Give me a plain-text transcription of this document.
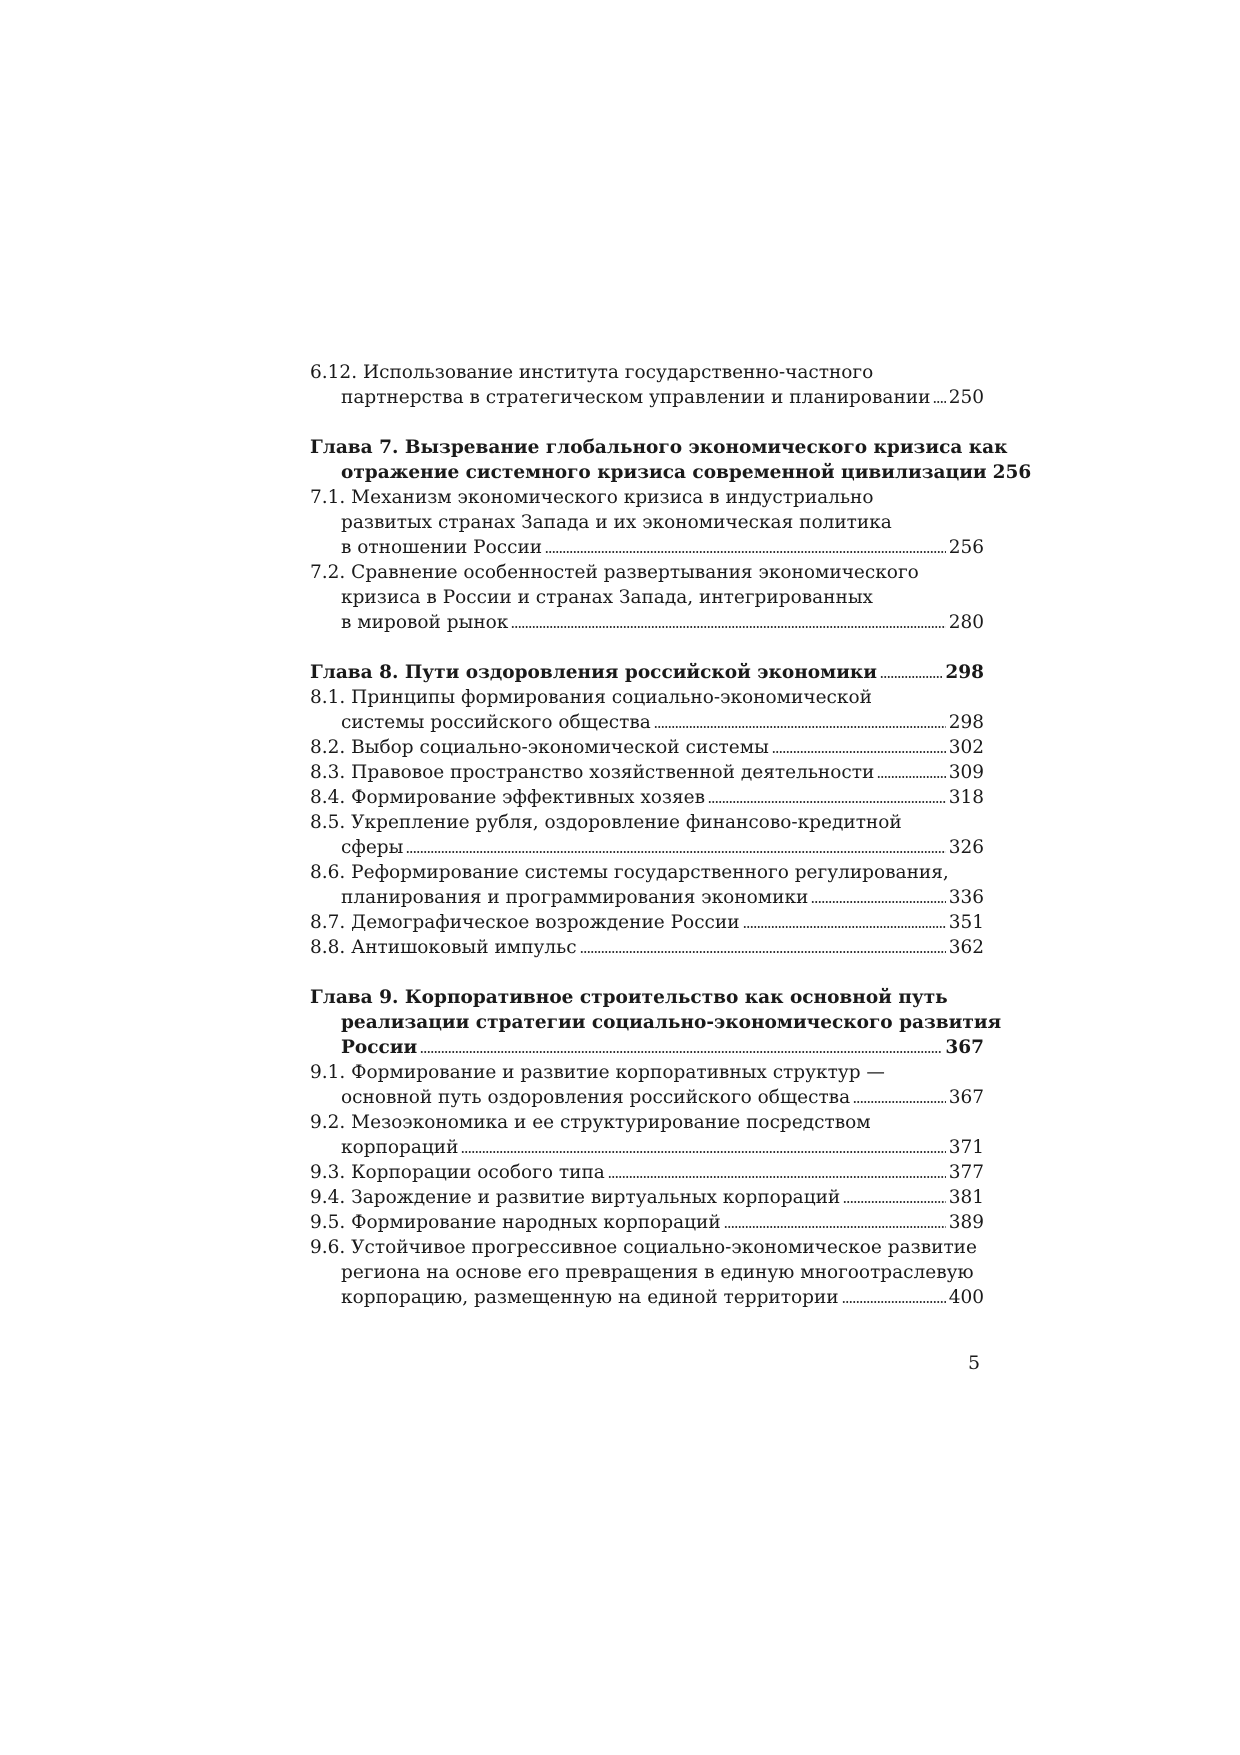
6.12. Использование института государственно-частного
партнерства в стратегическом управлении и планировании 250
Глава 7. Вызревание глобального экономического кризиса как
отражение системного кризиса современной цивилизации 256
7.1. Механизм экономического кризиса в индустриально
развитых странах Запада и их экономическая политика
в отношении России	256
7.2. Сравнение особенностей развертывания экономического
кризиса в России и странах Запада, интегрированных
в мировой рынок	280
Глава 8. Пути оздоровления российской экономики	298
8.1. Принципы формирования социально-экономической
системы российского общества	298
8.2. Выбор социально-экономической системы	302
8.3. Правовое пространство хозяйственной деятельности	309
8.4. Формирование эффективных хозяев	318
8.5. Укрепление рубля, оздоровление финансово-кредитной
сферы	326
8.6. Реформирование системы государственного регулирования,
планирования и программирования экономики	336
8.7. Демографическое возрождение России	351
8.8. Антишоковый импульс	362
Глава 9. Корпоративное строительство как основной путь
реализации стратегии социально-экономического развития
России	367
9.1. Формирование и развитие корпоративных структур —
основной путь оздоровления российского общества	367
9.2. Мезоэкономика и ее структурирование посредством
корпораций	371
9.3. Корпорации особого типа	377
9.4. Зарождение и развитие виртуальных корпораций	381
9.5. Формирование народных корпораций	389
9.6. Устойчивое прогрессивное социально-экономическое развитие
региона на основе его превращения в единую многоотраслевую
корпорацию, размещенную на единой территории	400
5
